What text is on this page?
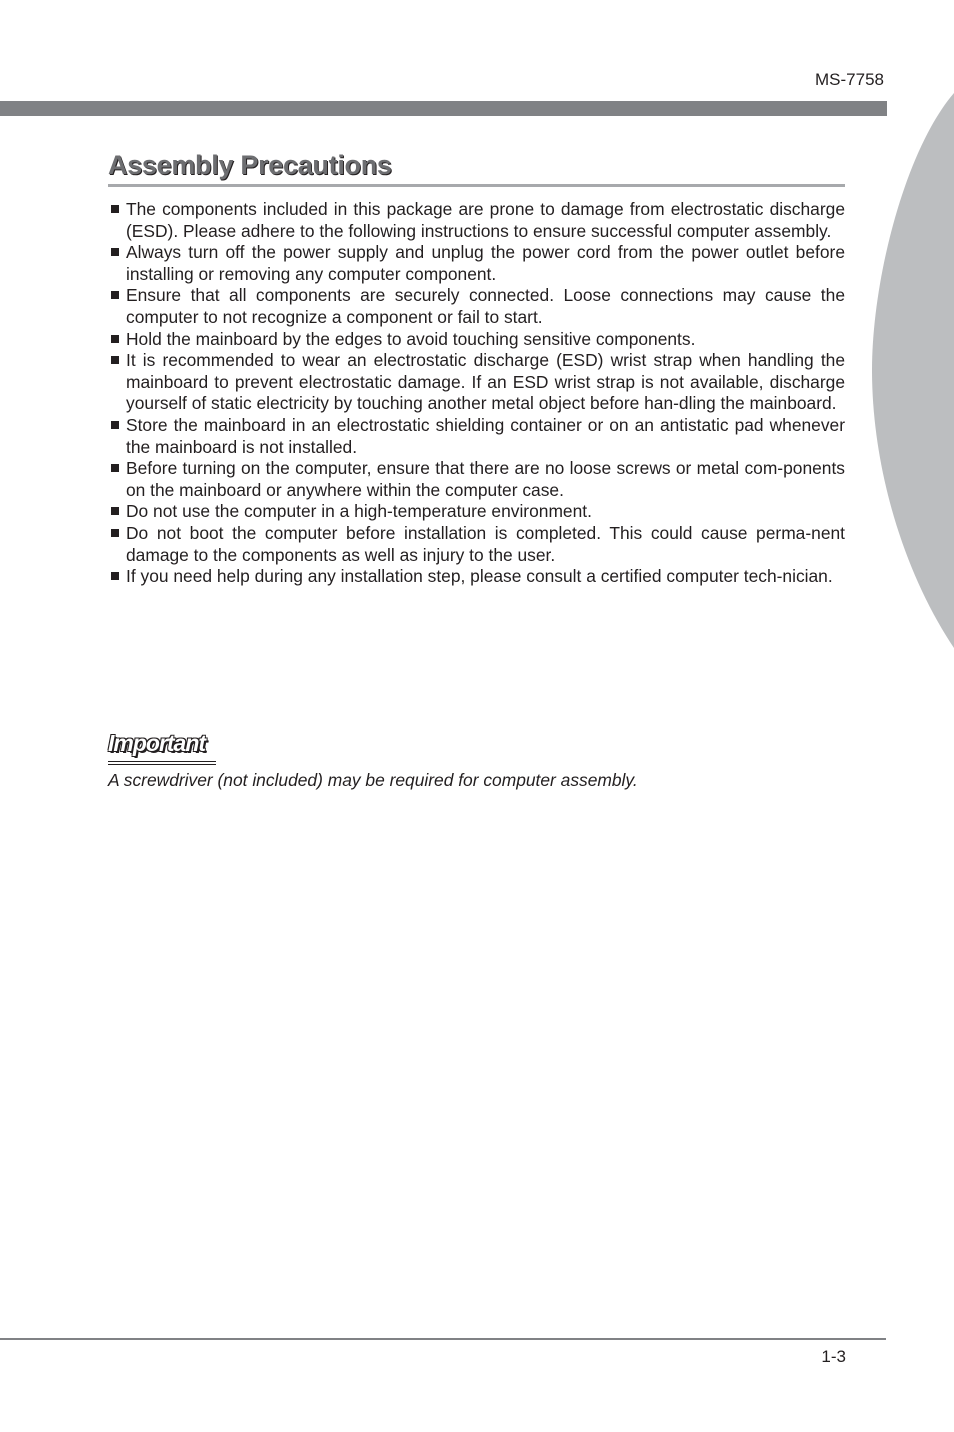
MS-7758
Chapter 1
Assembly Precautions
The components included in this package are prone to damage from electrostatic discharge (ESD). Please adhere to the following instructions to ensure successful computer assembly.
Always turn off the power supply and unplug the power cord from the power outlet before installing or removing any computer component.
Ensure that all components are securely connected. Loose connections may cause the computer to not recognize a component or fail to start.
Hold the mainboard by the edges to avoid touching sensitive components.
It is recommended to wear an electrostatic discharge (ESD) wrist strap when handling the mainboard to prevent electrostatic damage. If an ESD wrist strap is not available, discharge yourself of static electricity by touching another metal object before han-dling the mainboard.
Store the mainboard in an electrostatic shielding container or on an antistatic pad whenever the mainboard is not installed.
Before turning on the computer, ensure that there are no loose screws or metal com-ponents on the mainboard or anywhere within the computer case.
Do not use the computer in a high-temperature environment.
Do not boot the computer before installation is completed. This could cause perma-nent damage to the components as well as injury to the user.
If you need help during any installation step, please consult a certified computer tech-nician.
Important
A screwdriver (not included) may be required for computer assembly.
1-3
